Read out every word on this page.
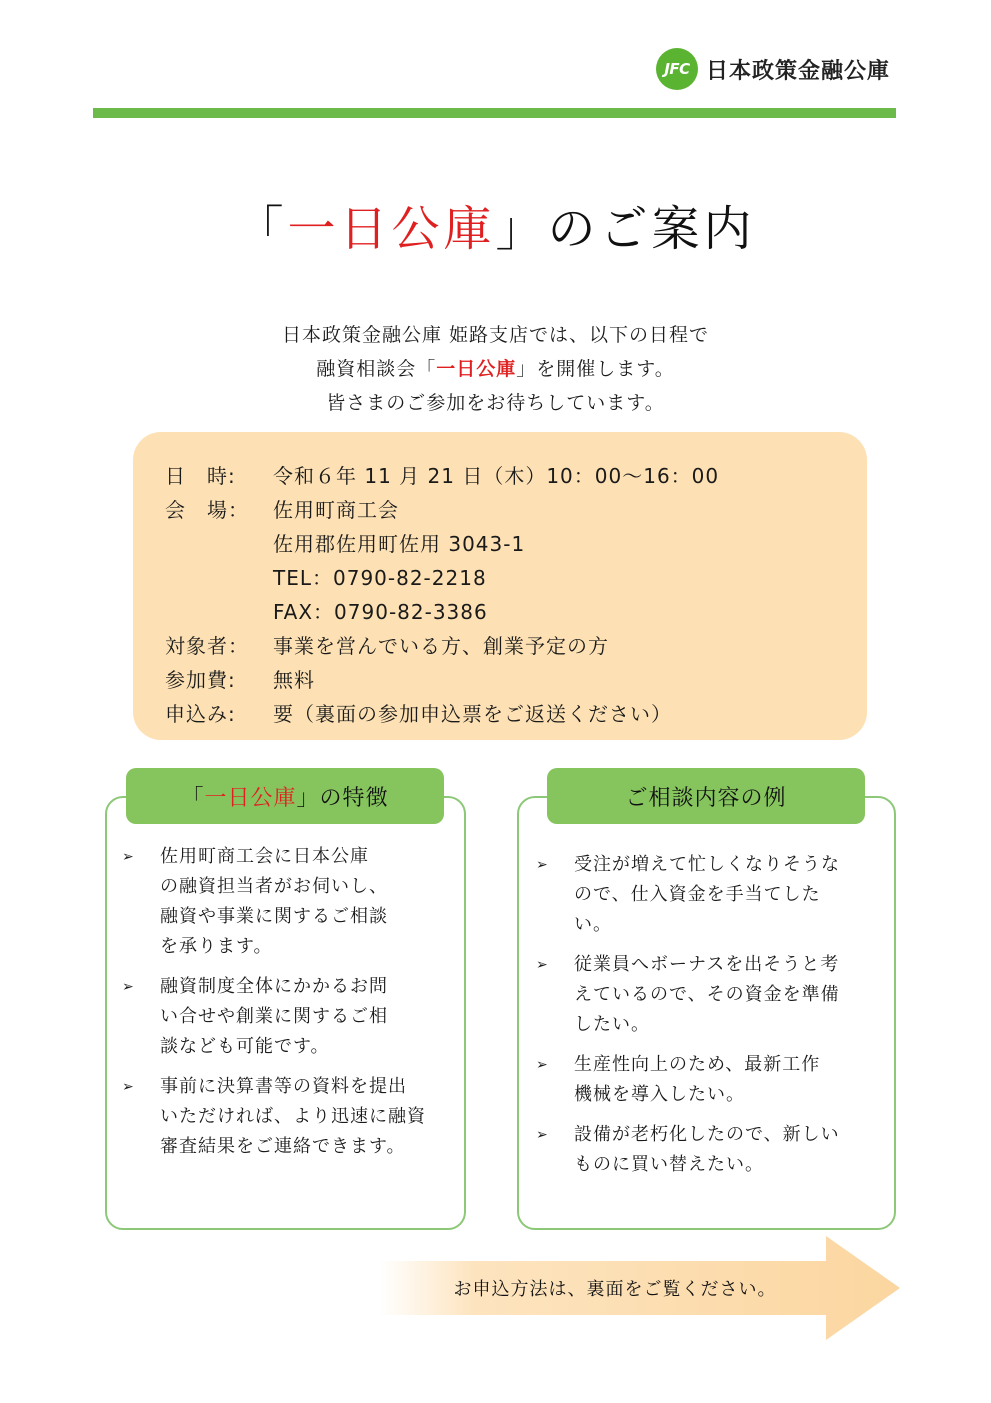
JFC 日本政策金融公庫
「一日公庫」のご案内
日本政策金融公庫 姫路支店では、以下の日程で
融資相談会「一日公庫」を開催します。
皆さまのご参加をお待ちしています。
日　時:	令和６年 11 月 21 日（木）10：00〜16：00
会　場：	佐用町商工会
佐用郡佐用町佐用 3043-1
TEL：0790-82-2218
FAX：0790-82-3386
対象者：	事業を営んでいる方、創業予定の方
参加費:	無料
申込み:	要（裏面の参加申込票をご返送ください）
「 一日公庫 」の特徴
➢	佐用町商工会に日本公庫
の融資担当者がお伺いし、
融資や事業に関するご相談
を承ります。
➢	融資制度全体にかかるお問
い合せや創業に関するご相
談なども可能です。
➢	事前に決算書等の資料を提出
いただければ、より迅速に融資
審査結果をご連絡できます。
ご相談内容の例
➢	受注が増えて忙しくなりそうな
ので、仕入資金を手当てした
い。
➢	従業員へボーナスを出そうと考
えているので、その資金を準備
したい。
➢	生産性向上のため、最新工作
機械を導入したい。
➢	設備が老朽化したので、新しい
ものに買い替えたい。
お申込方法は、裏面をご覧ください。
